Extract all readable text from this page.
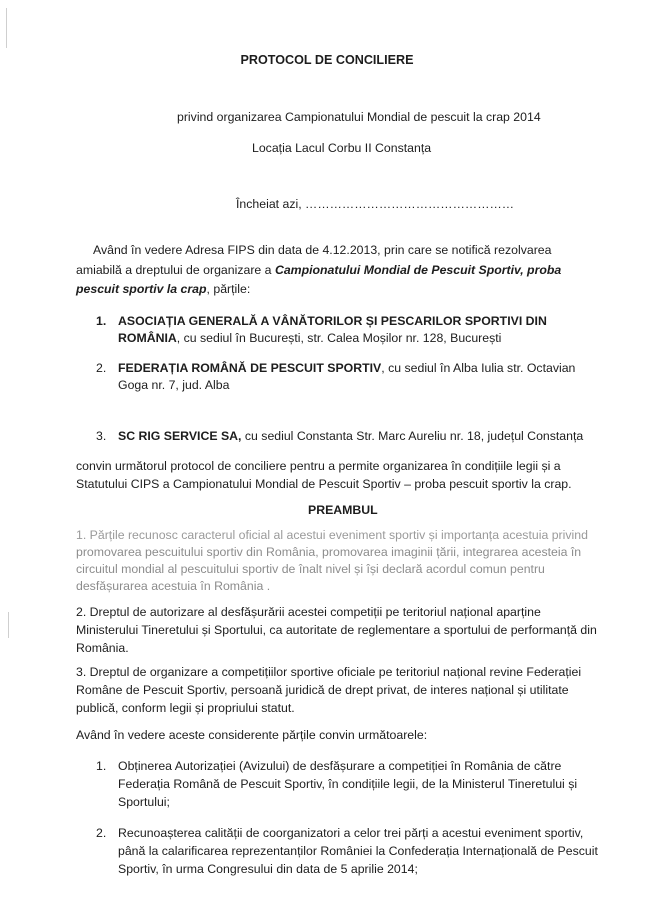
PROTOCOL DE CONCILIERE

privind organizarea Campionatului Mondial de pescuit la crap 2014

Locația Lacul Corbu II Constanța

Încheiat azi, ……………………………………………

Având în vedere Adresa FIPS din data de 4.12.2013, prin care se notifică rezolvarea

amiabilă a dreptului de organizare a Campionatului Mondial de Pescuit Sportiv, proba

pescuit sportiv la crap, părțile:

1. ASOCIAȚIA GENERALĂ A VÂNĂTORILOR ȘI PESCARILOR SPORTIVI DIN

ROMÂNIA, cu sediul în București, str. Calea Moșilor nr. 128, București

2. FEDERAȚIA ROMÂNĂ DE PESCUIT SPORTIV, cu sediul în Alba Iulia str. Octavian

Goga nr. 7, jud. Alba

3. SC RIG SERVICE SA, cu sediul Constanta Str. Marc Aureliu nr. 18, județul Constanța

convin următorul protocol de conciliere pentru a permite organizarea în condițiile legii și a

Statutului CIPS a Campionatului Mondial de Pescuit Sportiv – proba pescuit sportiv la crap.

PREAMBUL

1. Părțile recunosc caracterul oficial al acestui eveniment sportiv și importanța acestuia privind

promovarea pescuitului sportiv din România, promovarea imaginii țării, integrarea acesteia în

circuitul mondial al pescuitului sportiv de înalt nivel și își declară acordul comun pentru

desfășurarea acestuia în România .

2. Dreptul de autorizare al desfășurării acestei competiții pe teritoriul național aparține

Ministerului Tineretului și Sportului, ca autoritate de reglementare a sportului de performanță din

România.

3. Dreptul de organizare a competițiilor sportive oficiale pe teritoriul național revine Federației

Române de Pescuit Sportiv, persoană juridică de drept privat, de interes național și utilitate

publică, conform legii și propriului statut.

Având în vedere aceste considerente părțile convin următoarele:

1. Obținerea Autorizației (Avizului) de desfășurare a competiției în România de către

Federația Română de Pescuit Sportiv, în condițiile legii, de la Ministerul Tineretului și

Sportului;

2. Recunoașterea calității de coorganizatori a celor trei părți a acestui eveniment sportiv,

până la calarificarea reprezentanților României la Confederația Internațională de Pescuit

Sportiv, în urma Congresului din data de 5 aprilie 2014;
